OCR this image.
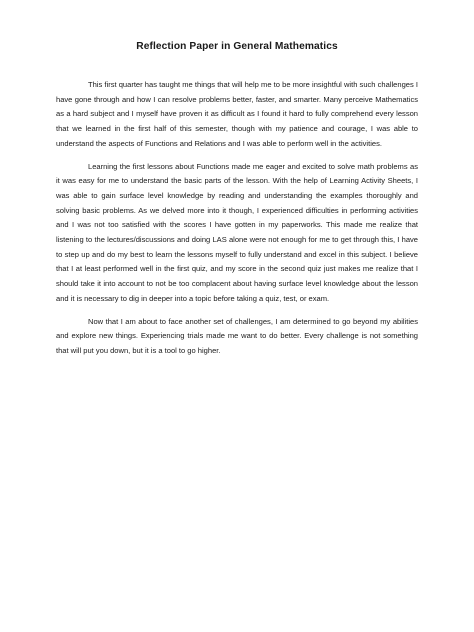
Reflection Paper in General Mathematics

This first quarter has taught me things that will help me to be more insightful with such challenges I have gone through and how I can resolve problems better, faster, and smarter. Many perceive Mathematics as a hard subject and I myself have proven it as difficult as I found it hard to fully comprehend every lesson that we learned in the first half of this semester, though with my patience and courage, I was able to understand the aspects of Functions and Relations and I was able to perform well in the activities.

Learning the first lessons about Functions made me eager and excited to solve math problems as it was easy for me to understand the basic parts of the lesson. With the help of Learning Activity Sheets, I was able to gain surface level knowledge by reading and understanding the examples thoroughly and solving basic problems. As we delved more into it though, I experienced difficulties in performing activities and I was not too satisfied with the scores I have gotten in my paperworks. This made me realize that listening to the lectures/discussions and doing LAS alone were not enough for me to get through this, I have to step up and do my best to learn the lessons myself to fully understand and excel in this subject. I believe that I at least performed well in the first quiz, and my score in the second quiz just makes me realize that I should take it into account to not be too complacent about having surface level knowledge about the lesson and it is necessary to dig in deeper into a topic before taking a quiz, test, or exam.

Now that I am about to face another set of challenges, I am determined to go beyond my abilities and explore new things. Experiencing trials made me want to do better. Every challenge is not something that will put you down, but it is a tool to go higher.
